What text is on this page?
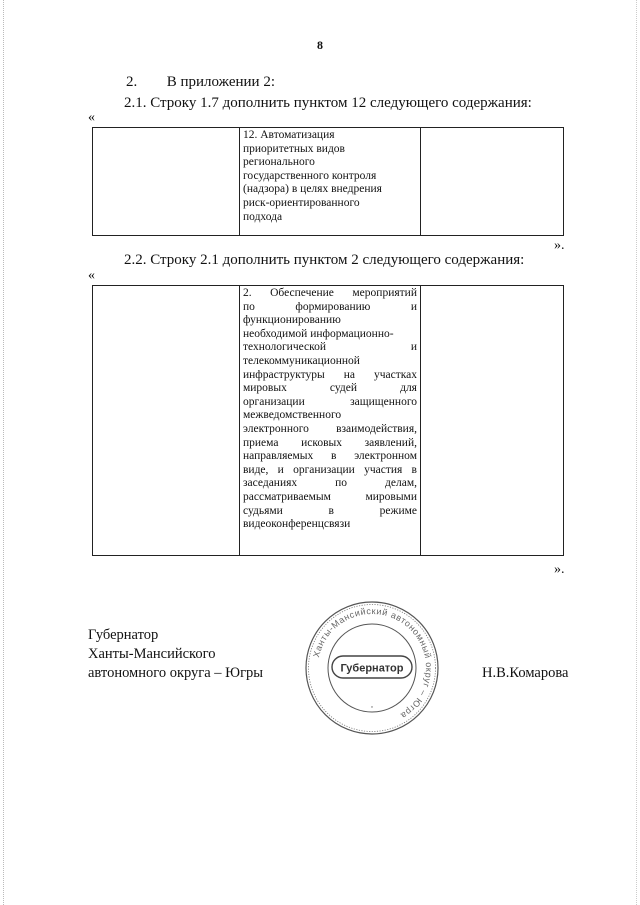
8
2. В приложении 2:
2.1. Строку 1.7 дополнить пунктом 12 следующего содержания:
«

12. Автоматизация
приоритетных видов
регионального
государственного контроля
(надзора) в целях внедрения
риск-ориентированного
подхода

».
2.2. Строку 2.1 дополнить пунктом 2 следующего содержания:
«

2. Обеспечение мероприятий
по	формированию	и
функционированию
необходимой информационно-
технологической	и
телекоммуникационной
инфраструктуры на участках
мировых	судей	для
организации	защищенного
межведомственного
электронного взаимодействия,
приема исковых заявлений,
направляемых в электронном
виде, и организации участия в
заседаниях	по	делам,
рассматриваемым	мировыми
судьями	в	режиме
видеоконференцсвязи

».
Губернатор
Ханты-Мансийского
автономного округа – Югры
Ханты-Мансийский автономный округ – Югра
Губернатор
*
Н.В.Комарова
